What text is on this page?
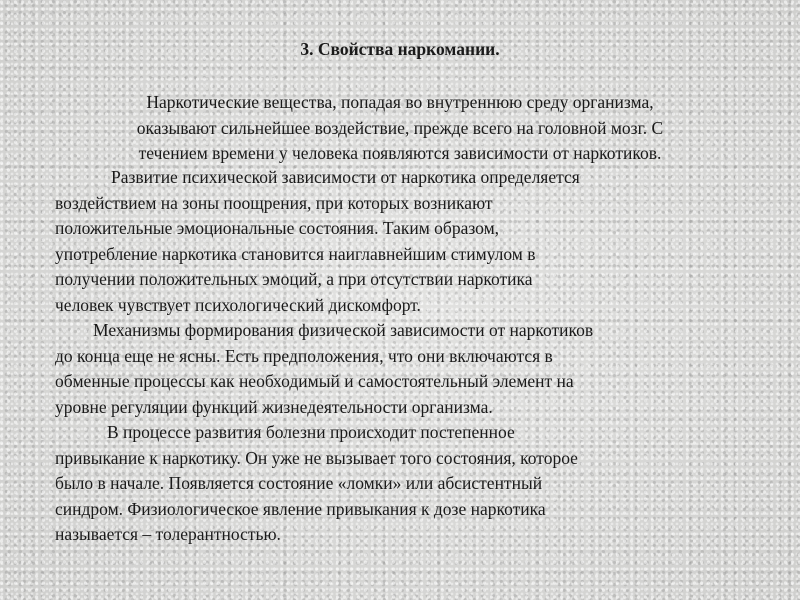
3. Свойства наркомании.
Наркотические вещества, попадая во внутреннюю среду организма,
оказывают сильнейшее воздействие, прежде всего на головной мозг. С
течением времени у человека появляются зависимости от наркотиков.

Развитие психической зависимости от наркотика определяется
воздействием на зоны поощрения, при которых возникают
положительные эмоциональные состояния. Таким образом,
употребление наркотика становится наиглавнейшим стимулом в
получении положительных эмоций, а при отсутствии наркотика
человек чувствует психологический дискомфорт.

Механизмы формирования физической зависимости от наркотиков
до конца еще не ясны. Есть предположения, что они включаются в
обменные процессы как необходимый и самостоятельный элемент на
уровне регуляции функций жизнедеятельности организма.

В процессе развития болезни происходит постепенное
привыкание к наркотику. Он уже не вызывает того состояния, которое
было в начале. Появляется состояние «ломки» или абсистентный
синдром. Физиологическое явление привыкания к дозе наркотика
называется – толерантностью.
